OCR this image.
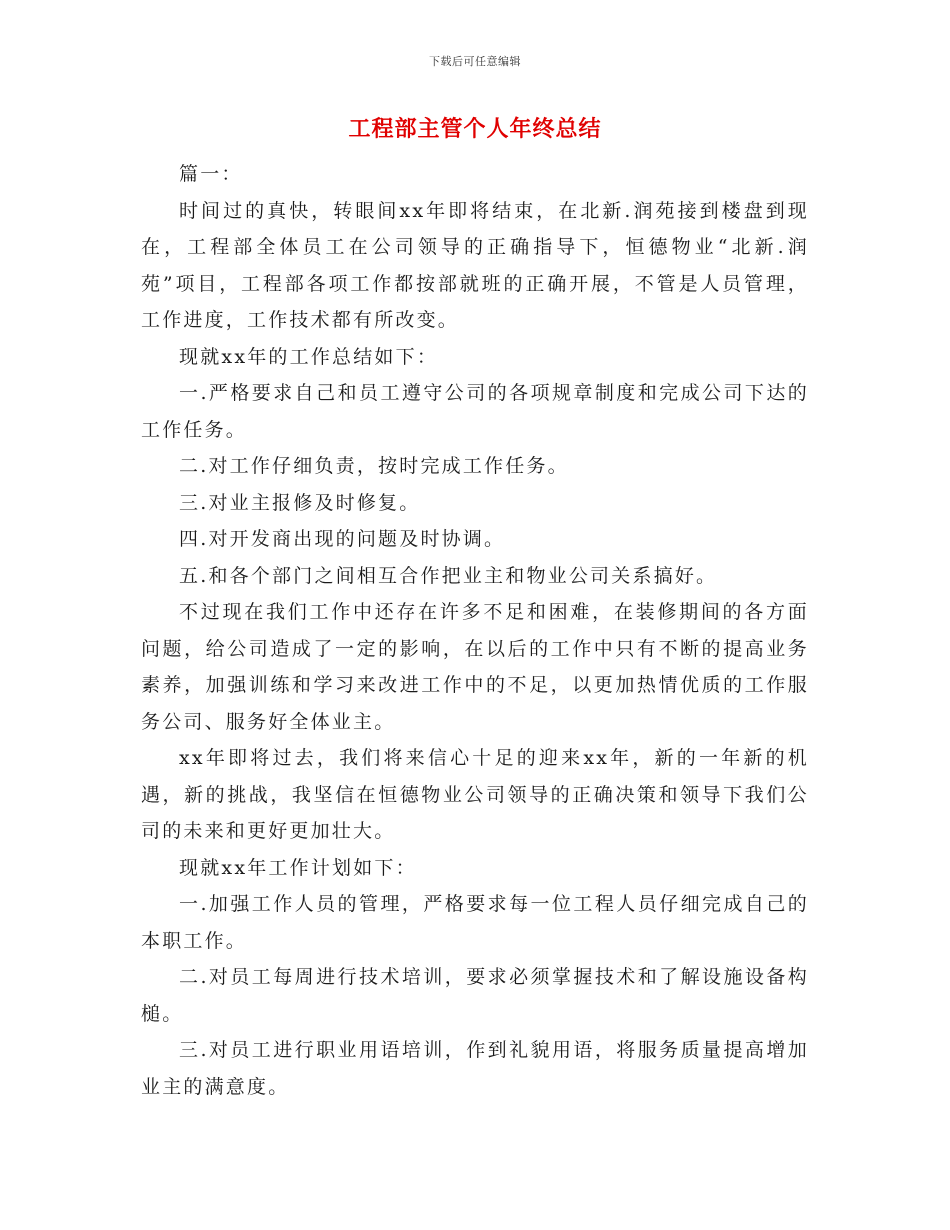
下载后可任意编辑
工程部主管个人年终总结

篇一：

时间过的真快，转眼间xx年即将结束，在北新.润苑接到楼盘到现在，工程部全体员工在公司领导的正确指导下，恒德物业“北新.润苑”项目，工程部各项工作都按部就班的正确开展，不管是人员管理，工作进度，工作技术都有所改变。

现就xx年的工作总结如下：

一.严格要求自己和员工遵守公司的各项规章制度和完成公司下达的工作任务。

二.对工作仔细负责，按时完成工作任务。

三.对业主报修及时修复。

四.对开发商出现的问题及时协调。

五.和各个部门之间相互合作把业主和物业公司关系搞好。

不过现在我们工作中还存在许多不足和困难，在装修期间的各方面问题，给公司造成了一定的影响，在以后的工作中只有不断的提高业务素养，加强训练和学习来改进工作中的不足，以更加热情优质的工作服务公司、服务好全体业主。

xx年即将过去，我们将来信心十足的迎来xx年，新的一年新的机遇，新的挑战，我坚信在恒德物业公司领导的正确决策和领导下我们公司的未来和更好更加壮大。

现就xx年工作计划如下：

一.加强工作人员的管理，严格要求每一位工程人员仔细完成自己的本职工作。

二.对员工每周进行技术培训，要求必须掌握技术和了解设施设备构槌。

三.对员工进行职业用语培训，作到礼貌用语，将服务质量提高增加业主的满意度。
